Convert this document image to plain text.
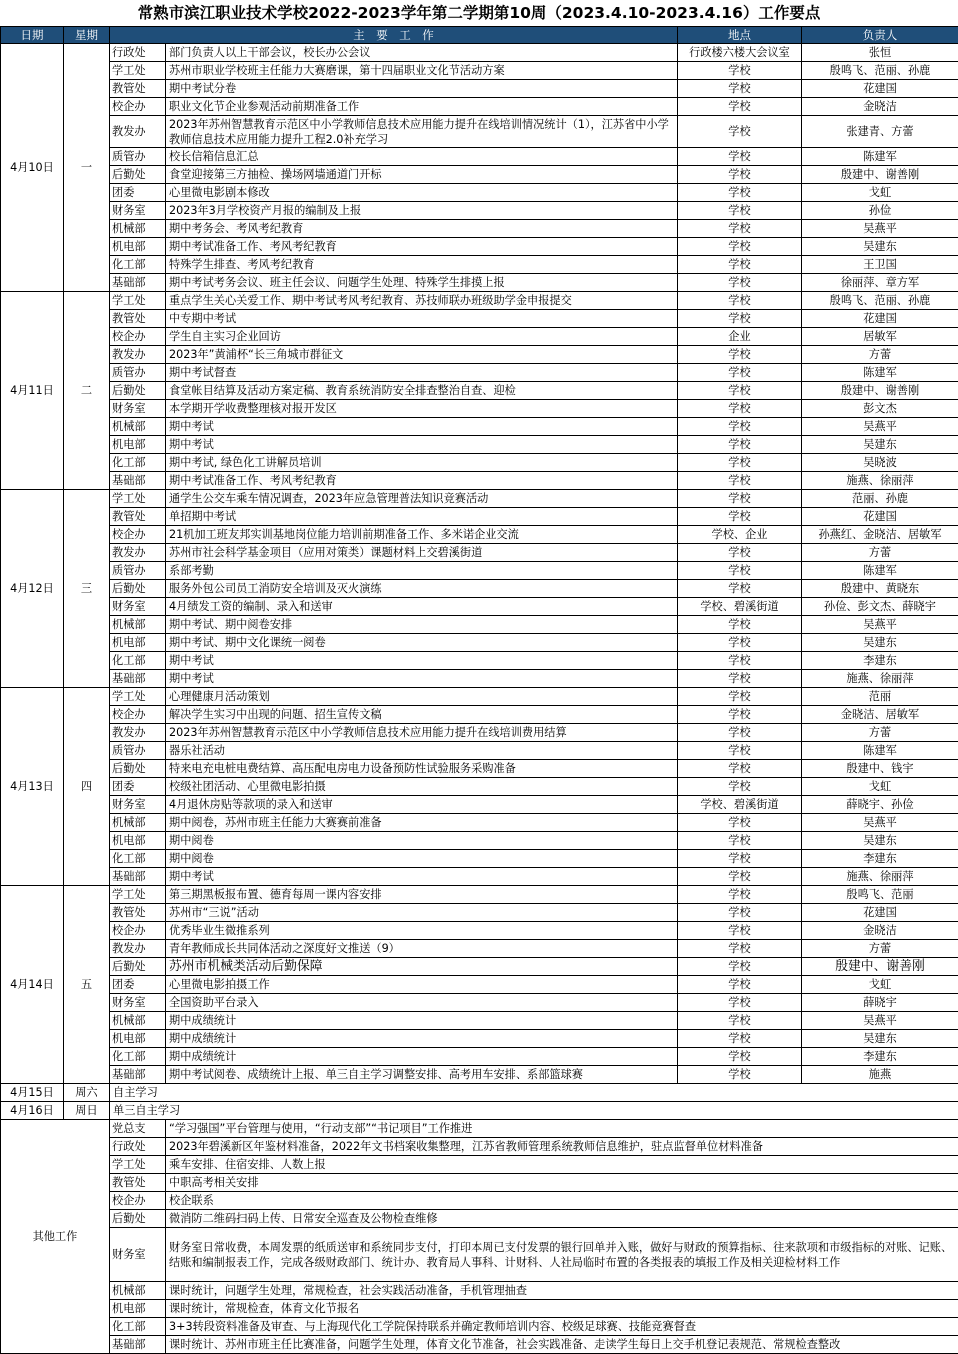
常熟市滨江职业技术学校2022-2023学年第二学期第10周（2023.4.10-2023.4.16）工作要点
日期	星期	主　要　工　作		地点	负责人
4月10日	一	行政处	部门负责人以上干部会议，校长办公会议	行政楼六楼大会议室	张恒
		学工处	苏州市职业学校班主任能力大赛磨课，第十四届职业文化节活动方案	学校	殷鸣飞、范丽、孙鹿
		教管处	期中考试分卷	学校	花建国
		校企办	职业文化节企业参观活动前期准备工作	学校	金晓洁
		教发办	2023年苏州智慧教育示范区中小学教师信息技术应用能力提升在线培训情况统计（1），江苏省中小学教师信息技术应用能力提升工程2.0补充学习	学校	张建青、方蕾
		质管办	校长信箱信息汇总	学校	陈建军
		后勤处	食堂迎接第三方抽检、操场网墙通道门开标	学校	殷建中、谢善刚
		团委	心里微电影剧本修改	学校	戈虹
		财务室	2023年3月学校资产月报的编制及上报	学校	孙俭
		机械部	期中考务会、考风考纪教育	学校	吴燕平
		机电部	期中考试准备工作、考风考纪教育	学校	吴建东
		化工部	特殊学生排查、考风考纪教育	学校	王卫国
		基础部	期中考试考务会议、班主任会议、问题学生处理、特殊学生排摸上报	学校	徐丽萍、章方军
4月11日	二	学工处	重点学生关心关爱工作、期中考试考风考纪教育、苏技师联办班级助学金申报提交	学校	殷鸣飞、范丽、孙鹿
		教管处	中专期中考试	学校	花建国
		校企办	学生自主实习企业回访	企业	居敏军
		教发办	2023年”黄浦杯“长三角城市群征文	学校	方蕾
		质管办	期中考试督查	学校	陈建军
		后勤处	食堂帐目结算及活动方案定稿、教育系统消防安全排查整治自查、迎检	学校	殷建中、谢善刚
		财务室	本学期开学收费整理核对报开发区	学校	彭文杰
		机械部	期中考试	学校	吴燕平
		机电部	期中考试	学校	吴建东
		化工部	期中考试, 绿色化工讲解员培训	学校	吴晓波
		基础部	期中考试准备工作、考风考纪教育	学校	施燕、徐丽萍
4月12日	三	学工处	通学生公交车乘车情况调查，2023年应急管理普法知识竞赛活动	学校	范丽、孙鹿
		教管处	单招期中考试	学校	花建国
		校企办	21机加工班友邦实训基地岗位能力培训前期准备工作、多米诺企业交流	学校、企业	孙燕红、金晓洁、居敏军
		教发办	苏州市社会科学基金项目（应用对策类）课题材料上交碧溪街道	学校	方蕾
		质管办	系部考勤	学校	陈建军
		后勤处	服务外包公司员工消防安全培训及灭火演练	学校	殷建中、黄晓东
		财务室	4月绩发工资的编制、录入和送审	学校、碧溪街道	孙俭、彭文杰、薛晓宇
		机械部	期中考试、期中阅卷安排	学校	吴燕平
		机电部	期中考试、期中文化课统一阅卷	学校	吴建东
		化工部	期中考试	学校	李建东
		基础部	期中考试	学校	施燕、徐丽萍
4月13日	四	学工处	心理健康月活动策划	学校	范丽
		校企办	解决学生实习中出现的问题、招生宣传文稿	学校	金晓洁、居敏军
		教发办	2023年苏州智慧教育示范区中小学教师信息技术应用能力提升在线培训费用结算	学校	方蕾
		质管办	器乐社活动	学校	陈建军
		后勤处	特来电充电桩电费结算、高压配电房电力设备预防性试验服务采购准备	学校	殷建中、钱宇
		团委	校级社团活动、心里微电影拍摄	学校	戈虹
		财务室	4月退休房贴等款项的录入和送审	学校、碧溪街道	薛晓宇、孙俭
		机械部	期中阅卷，苏州市班主任能力大赛赛前准备	学校	吴燕平
		机电部	期中阅卷	学校	吴建东
		化工部	期中阅卷	学校	李建东
		基础部	期中考试	学校	施燕、徐丽萍
4月14日	五	学工处	第三期黑板报布置、德育每周一课内容安排	学校	殷鸣飞、范丽
		教管处	苏州市“三说”活动	学校	花建国
		校企办	优秀毕业生微推系列	学校	金晓洁
		教发办	青年教师成长共同体活动之深度好文推送（9）	学校	方蕾
		后勤处	苏州市机械类活动后勤保障	学校	殷建中、谢善刚
		团委	心里微电影拍摄工作	学校	戈虹
		财务室	全国资助平台录入	学校	薛晓宇
		机械部	期中成绩统计	学校	吴燕平
		机电部	期中成绩统计	学校	吴建东
		化工部	期中成绩统计	学校	李建东
		基础部	期中考试阅卷、成绩统计上报、单三自主学习调整安排、高考用车安排、系部篮球赛	学校	施燕
4月15日	周六	自主学习			
4月16日	周日	单三自主学习			
其他工作		党总支	“学习强国”平台管理与使用，“行动支部”“书记项目”工作推进		
		行政处	2023年碧溪新区年鉴材料准备，2022年文书档案收集整理，江苏省教师管理系统教师信息维护，驻点监督单位材料准备		
		学工处	乘车安排、住宿安排、人数上报		
		教管处	中职高考相关安排		
		校企办	校企联系		
		后勤处	微消防二维码扫码上传、日常安全巡查及公物检查维修		
		财务室	财务室日常收费，本周发票的纸质送审和系统同步支付，打印本周已支付发票的银行回单并入账，做好与财政的预算指标、往来款项和市级指标的对账、记账、结账和编制报表工作，完成各级财政部门、统计办、教育局人事科、计财科、人社局临时布置的各类报表的填报工作及相关迎检材料工作		
		机械部	课时统计，问题学生处理，常规检查，社会实践活动准备，手机管理抽查		
		机电部	课时统计，常规检查，体育文化节报名		
		化工部	3+3转段资料准备及审查、与上海现代化工学院保持联系并确定教师培训内容、校级足球赛、技能竞赛督查		
		基础部	课时统计、苏州市班主任比赛准备，问题学生处理，体育文化节准备，社会实践准备、走读学生每日上交手机登记表规范、常规检查整改		
